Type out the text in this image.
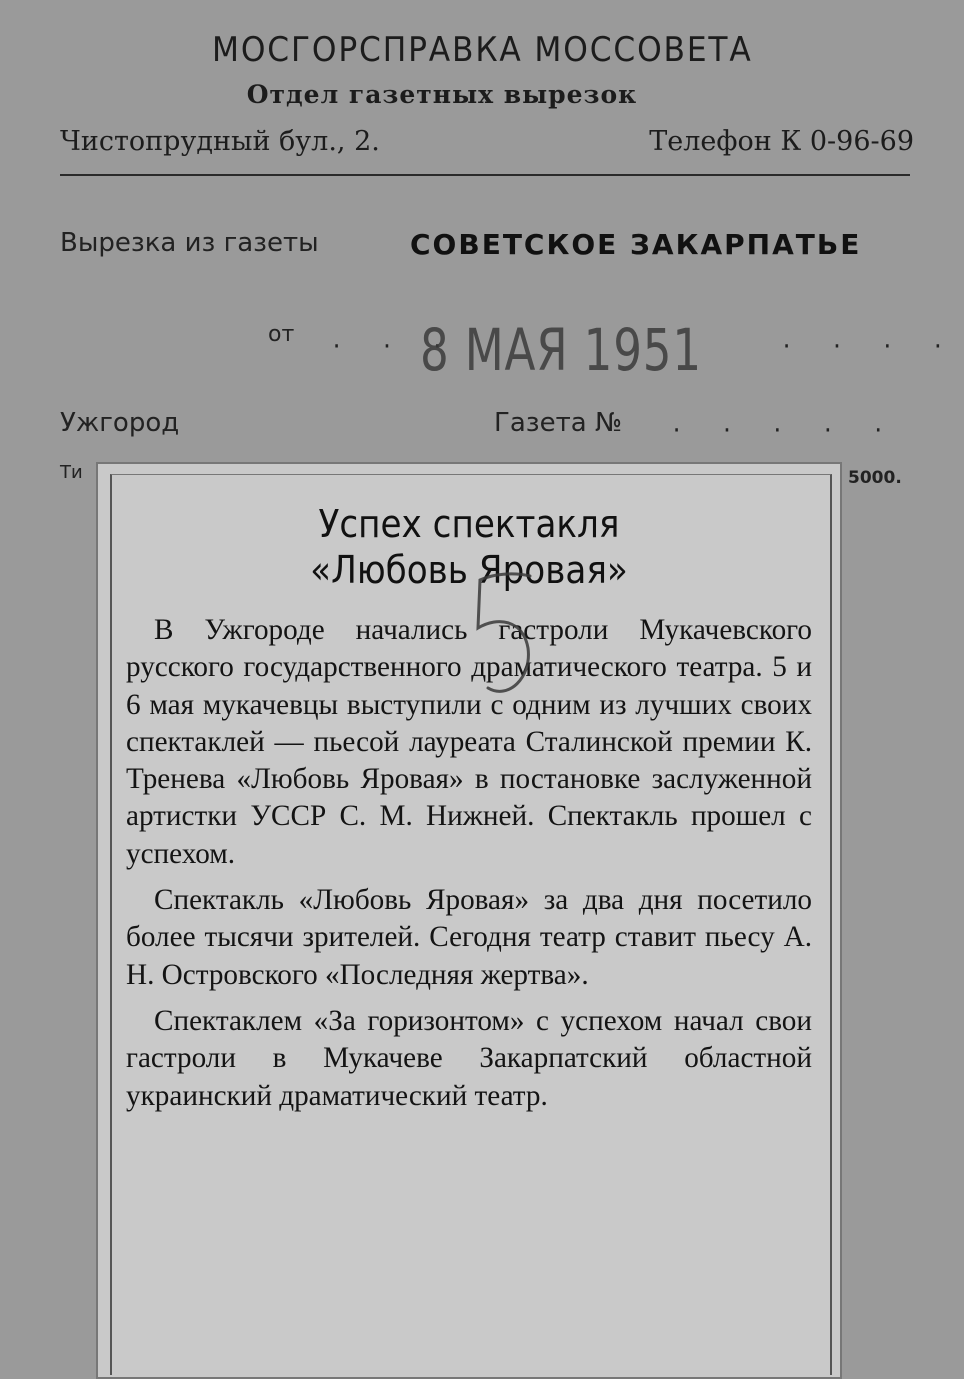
МОСГОРСПРАВКА МОССОВЕТА
Отдел газетных вырезок
Чистопрудный бул., 2.	Телефон К 0-96-69
Вырезка из газеты	СОВЕТСКОЕ ЗАКАРПАТЬЕ
от · · ·
8 МАЯ 1951	· · · ·
Ужгород	Газета № · · · · ·
Ти	5000.
Успех спектакля
«Любовь Яровая»

В Ужгороде начались гастроли Мукачевского русского государственного драматического театра. 5 и 6 мая мукачевцы выступили с одним из лучших своих спектаклей — пьесой лауреата Сталинской премии К. Тренева «Любовь Яровая» в постановке заслуженной артистки УССР С. М. Нижней. Спектакль прошел с успехом.

Спектакль «Любовь Яровая» за два дня посетило более тысячи зрителей. Сегодня театр ставит пьесу А. Н. Островского «Последняя жертва».

Спектаклем «За горизонтом» с успехом начал свои гастроли в Мукачеве Закарпатский областной украинский драматический театр.
